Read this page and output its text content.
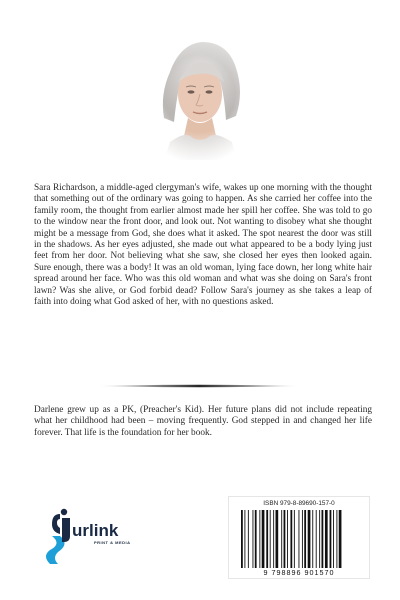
Sara Richardson, a middle-aged clergyman's wife, wakes up one morning with the thought that something out of the ordinary was going to happen. As she carried her coffee into the family room, the thought from earlier almost made her spill her coffee. She was told to go to the window near the front door, and look out. Not wanting to disobey what she thought might be a message from God, she does what it asked. The spot nearest the door was still in the shadows. As her eyes adjusted, she made out what appeared to be a body lying just feet from her door. Not believing what she saw, she closed her eyes then looked again. Sure enough, there was a body! It was an old woman, lying face down, her long white hair spread around her face. Who was this old woman and what was she doing on Sara's front lawn? Was she alive, or God forbid dead? Follow Sara's journey as she takes a leap of faith into doing what God asked of her, with no questions asked.

Darlene grew up as a PK, (Preacher's Kid). Her future plans did not include repeating what her childhood had been – moving frequently. God stepped in and changed her life forever. That life is the foundation for her book.

urlink
PRINT & MEDIA
ISBN 979-8-89690-157-0
9 798896 901570
